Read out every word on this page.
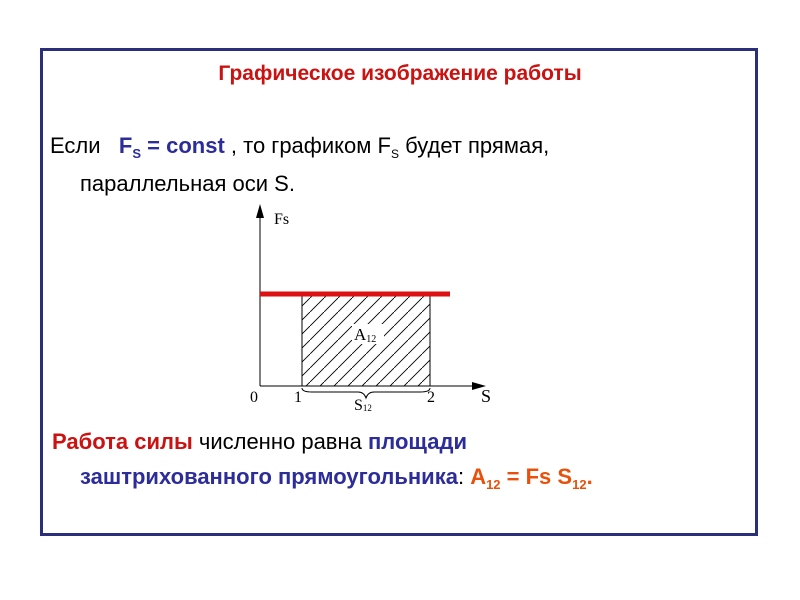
Графическое изображение работы
Если $F_S$ = const , то графиком $F_S$ будет прямая,
параллельная оси S.
A12
Fs
S
0 1	2
S12
Работа силы численно равна площади
заштрихованного прямоугольника: $A_{12} = Fs$ $S_{12}$.
